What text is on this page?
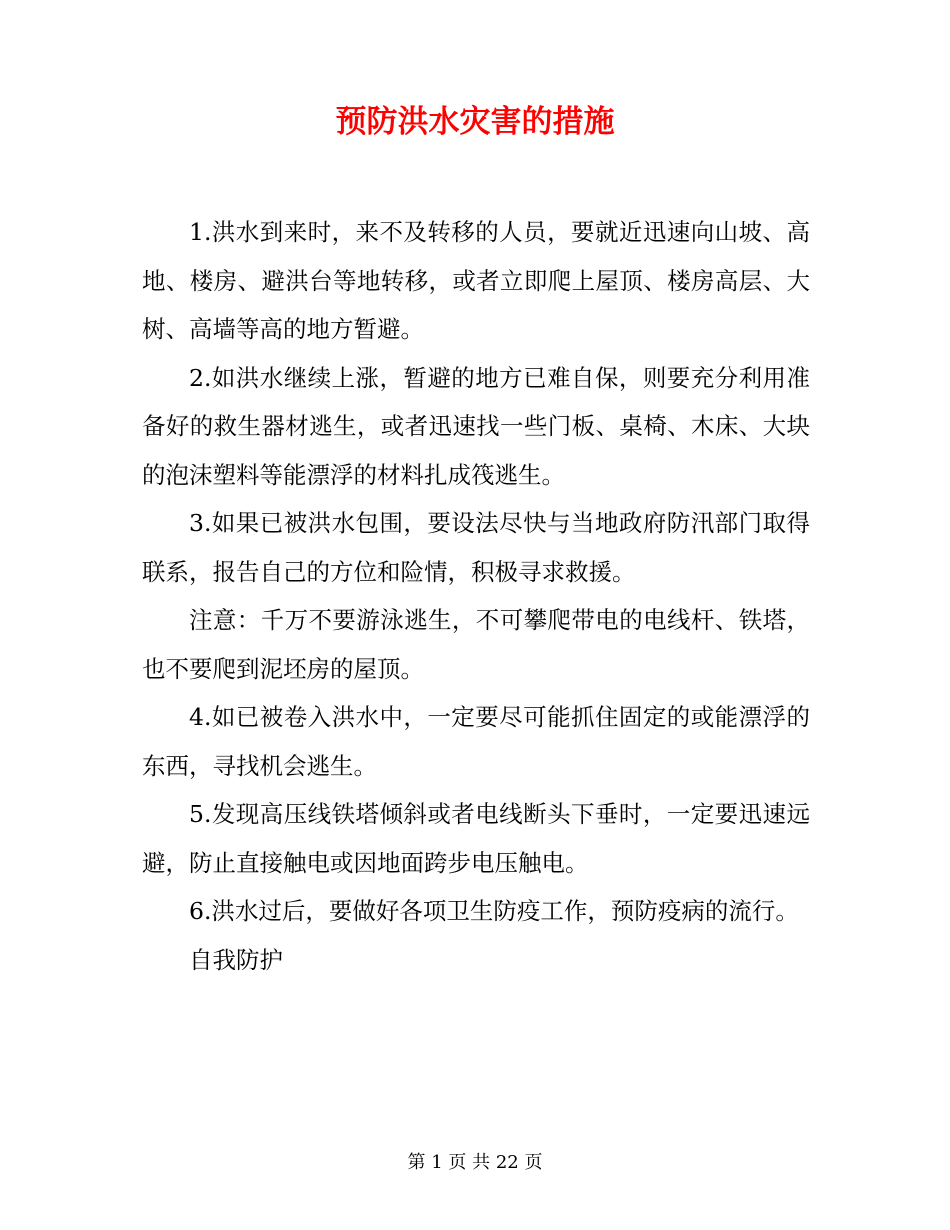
预防洪水灾害的措施

1.洪水到来时，来不及转移的人员，要就近迅速向山坡、高地、楼房、避洪台等地转移，或者立即爬上屋顶、楼房高层、大树、高墙等高的地方暂避。

2.如洪水继续上涨，暂避的地方已难自保，则要充分利用准备好的救生器材逃生，或者迅速找一些门板、桌椅、木床、大块的泡沫塑料等能漂浮的材料扎成筏逃生。

3.如果已被洪水包围，要设法尽快与当地政府防汛部门取得联系，报告自己的方位和险情，积极寻求救援。

注意：千万不要游泳逃生，不可攀爬带电的电线杆、铁塔，也不要爬到泥坯房的屋顶。

4.如已被卷入洪水中，一定要尽可能抓住固定的或能漂浮的东西，寻找机会逃生。

5.发现高压线铁塔倾斜或者电线断头下垂时，一定要迅速远避，防止直接触电或因地面跨步电压触电。

6.洪水过后，要做好各项卫生防疫工作，预防疫病的流行。

自我防护

第 1 页 共 22 页
